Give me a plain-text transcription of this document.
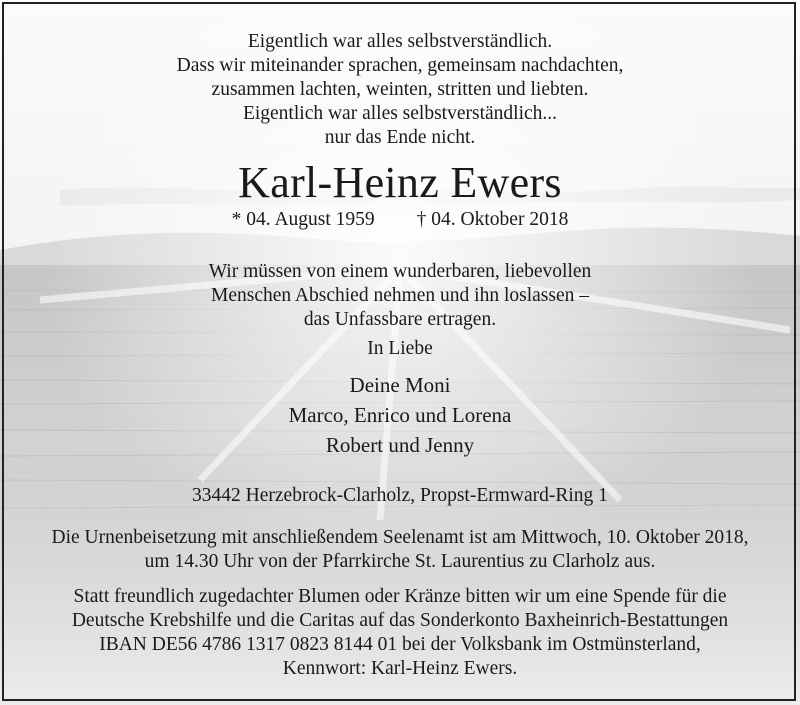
Eigentlich war alles selbstverständlich.
Dass wir miteinander sprachen, gemeinsam nachdachten,
zusammen lachten, weinten, stritten und liebten.
Eigentlich war alles selbstverständlich...
nur das Ende nicht.
Karl-Heinz Ewers
* 04. August 1959 † 04. Oktober 2018
Wir müssen von einem wunderbaren, liebevollen
Menschen Abschied nehmen und ihn loslassen –
das Unfassbare ertragen.
In Liebe
Deine Moni
Marco, Enrico und Lorena
Robert und Jenny
33442 Herzebrock-Clarholz, Propst-Ermward-Ring 1
Die Urnenbeisetzung mit anschließendem Seelenamt ist am Mittwoch, 10. Oktober 2018,
um 14.30 Uhr von der Pfarrkirche St. Laurentius zu Clarholz aus.
Statt freundlich zugedachter Blumen oder Kränze bitten wir um eine Spende für die
Deutsche Krebshilfe und die Caritas auf das Sonderkonto Baxheinrich-Bestattungen
IBAN DE56 4786 1317 0823 8144 01 bei der Volksbank im Ostmünsterland,
Kennwort: Karl-Heinz Ewers.
